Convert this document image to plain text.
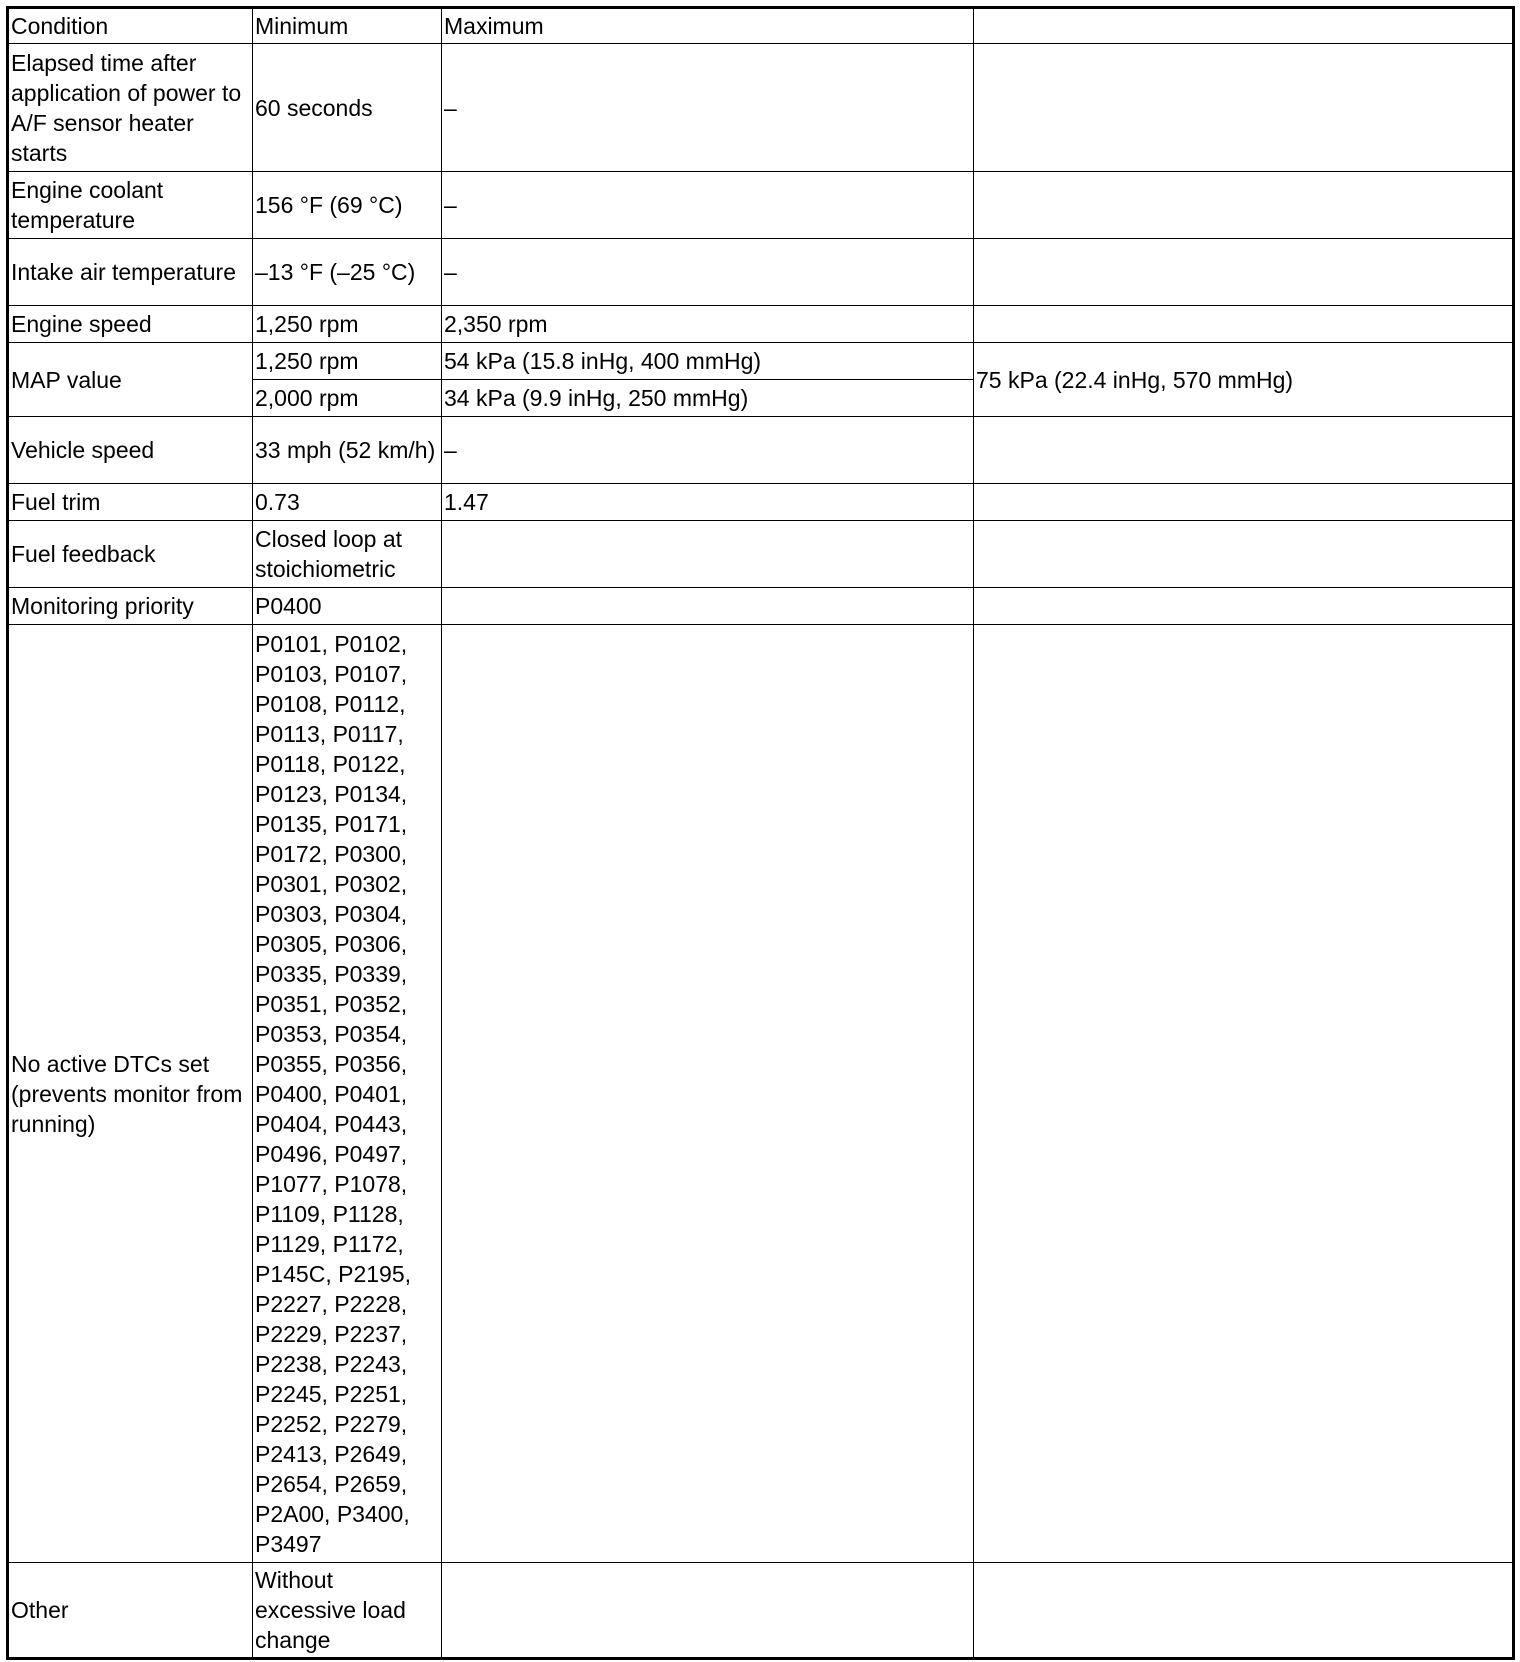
Condition	Minimum	Maximum	
Elapsed time after application of power to A/F sensor heater starts	60 seconds	–	
Engine coolant temperature	156 °F (69 °C)	–	
Intake air temperature	–13 °F (–25 °C)	–	
Engine speed	1,250 rpm	2,350 rpm	
MAP value	1,250 rpm	54 kPa (15.8 inHg, 400 mmHg)	75 kPa (22.4 inHg, 570 mmHg)
	2,000 rpm	34 kPa (9.9 inHg, 250 mmHg)	
Vehicle speed	33 mph (52 km/h)	–	
Fuel trim	0.73	1.47	
Fuel feedback	Closed loop at stoichiometric		
Monitoring priority	P0400		
No active DTCs set (prevents monitor from running)	P0101, P0102, P0103, P0107, P0108, P0112, P0113, P0117, P0118, P0122, P0123, P0134, P0135, P0171, P0172, P0300, P0301, P0302, P0303, P0304, P0305, P0306, P0335, P0339, P0351, P0352, P0353, P0354, P0355, P0356, P0400, P0401, P0404, P0443, P0496, P0497, P1077, P1078, P1109, P1128, P1129, P1172, P145C, P2195, P2227, P2228, P2229, P2237, P2238, P2243, P2245, P2251, P2252, P2279, P2413, P2649, P2654, P2659, P2A00, P3400, P3497		
Other	Without excessive load change		
